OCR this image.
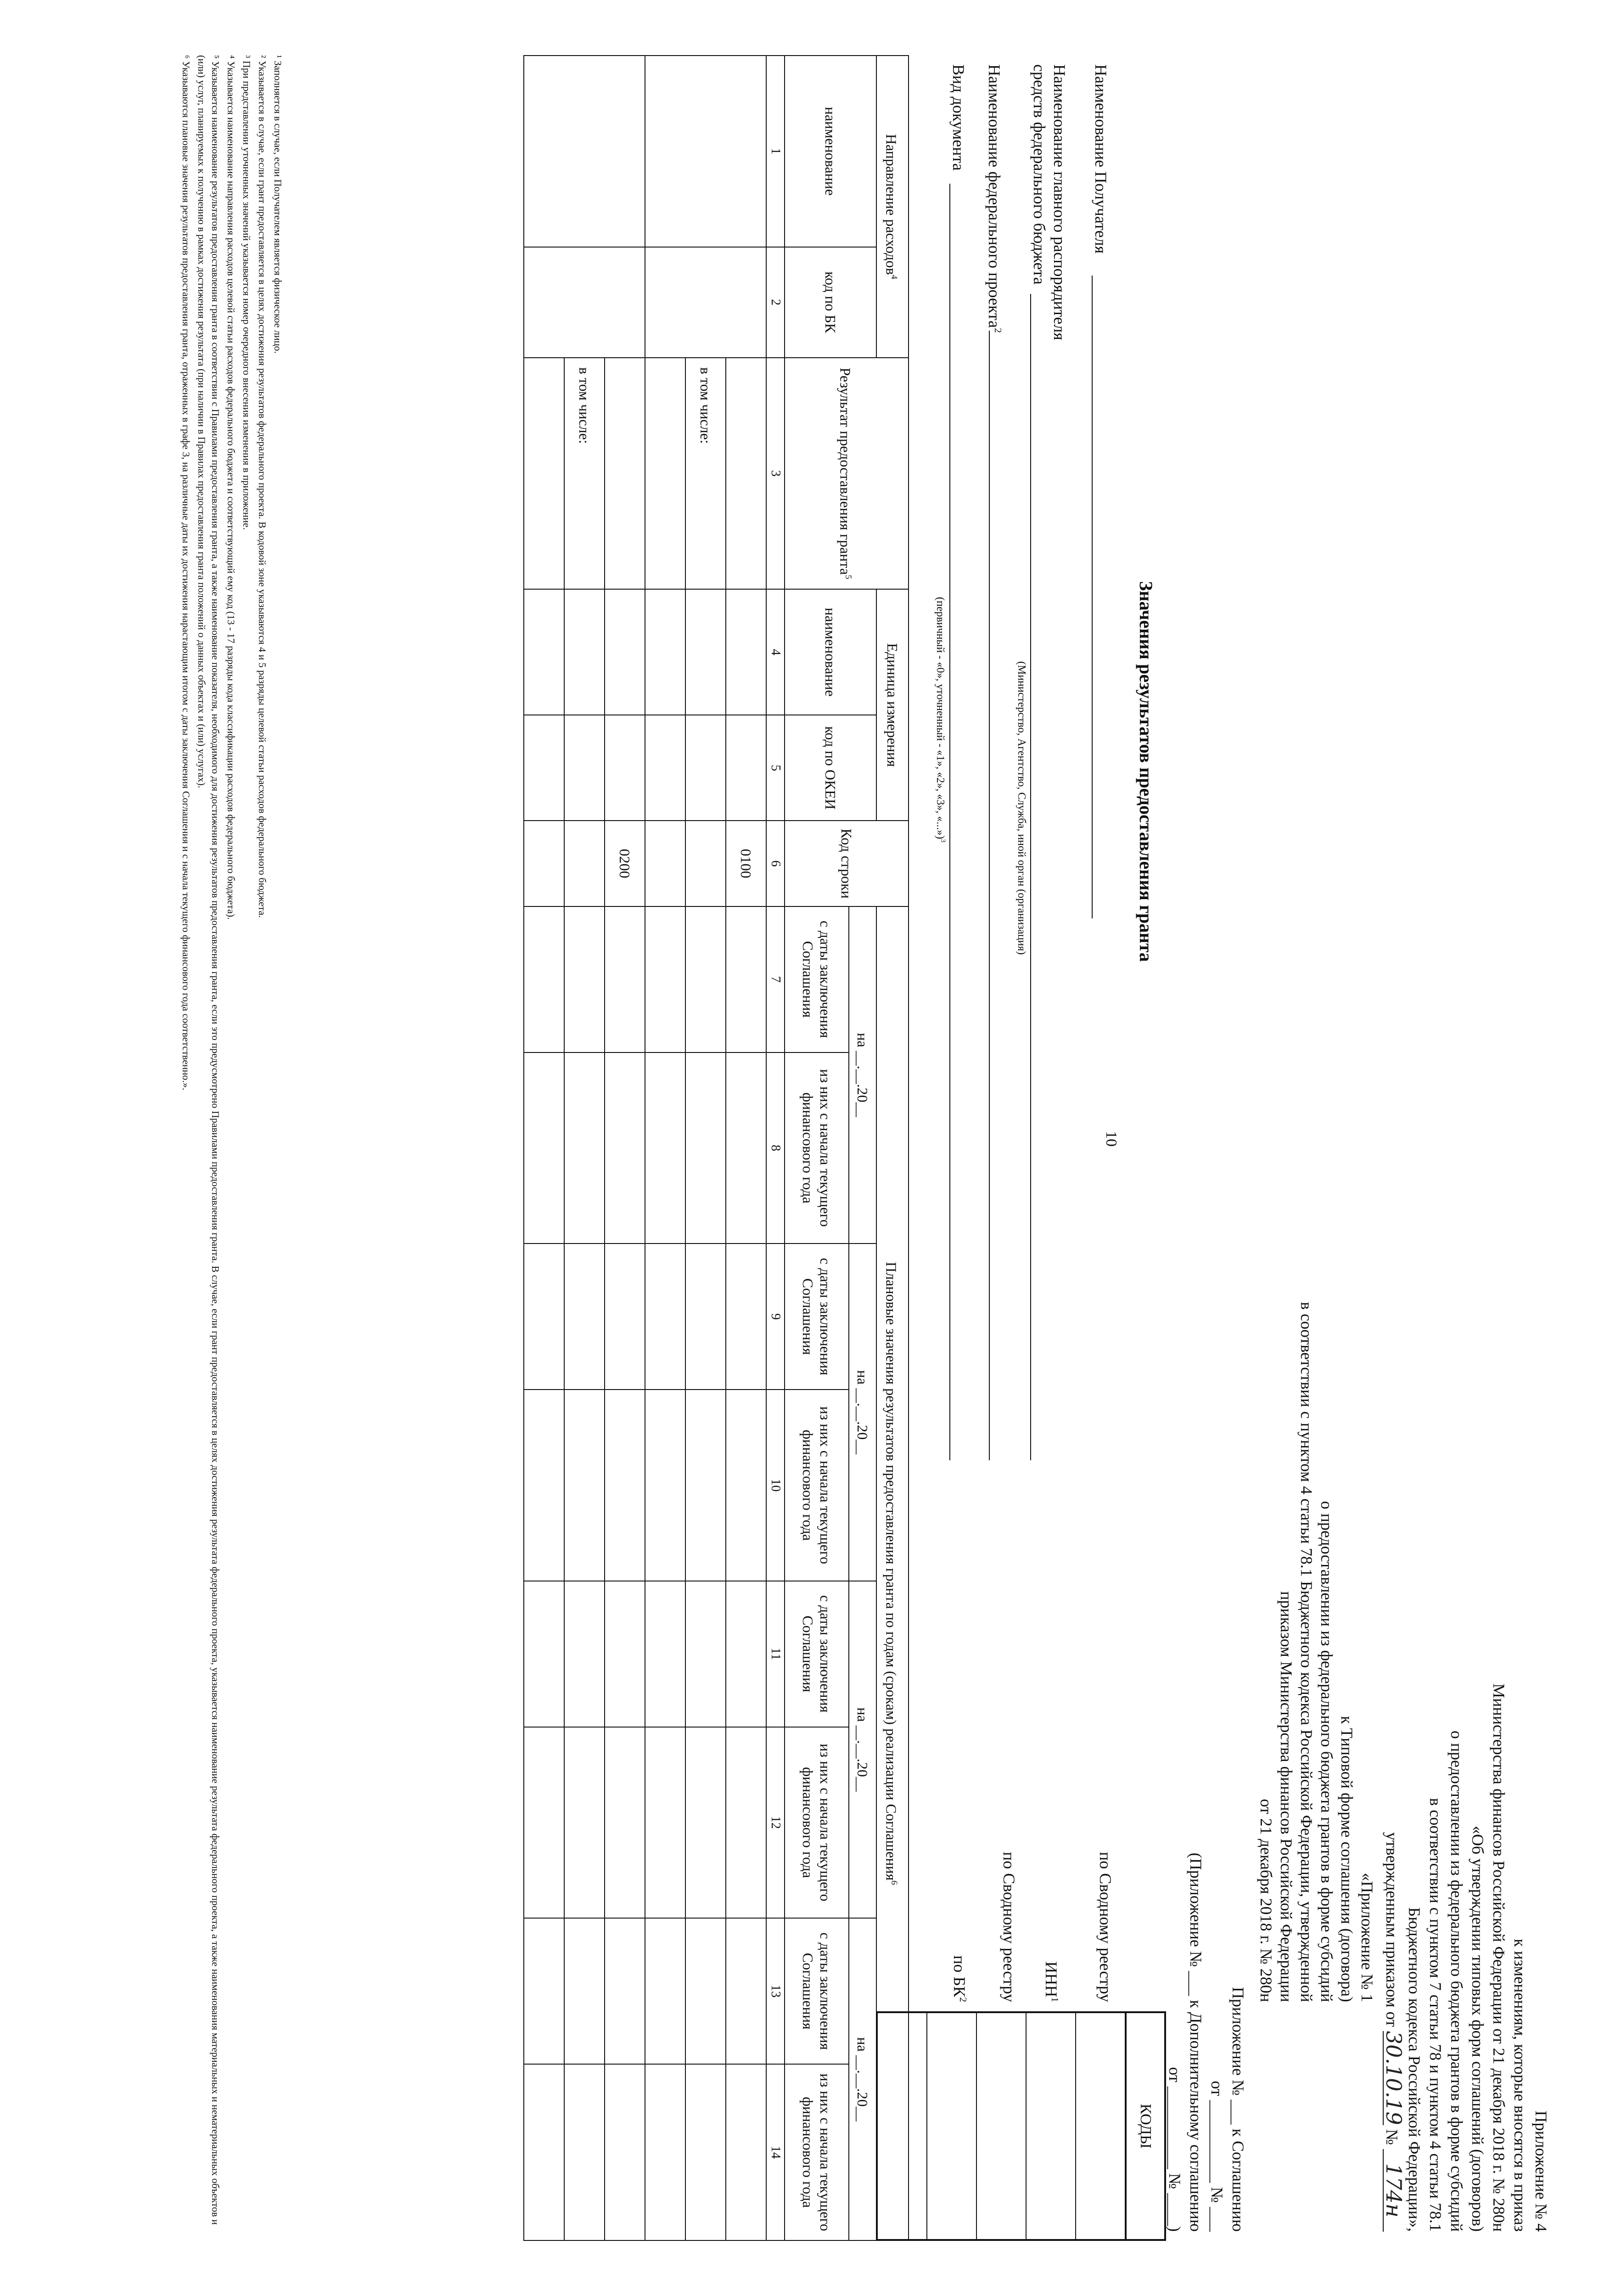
10
Приложение № 4
к изменениям, которые вносятся в приказ
Министерства финансов Российской Федерации от 21 декабря 2018 г. № 280н
«Об утверждении типовых форм соглашений (договоров)
о предоставлении из федерального бюджета грантов в форме субсидий
в соответствии с пунктом 7 статьи 78 и пунктом 4 статьи 78.1
Бюджетного кодекса Российской Федерации»,
утвержденным приказом от 30.10.19 № 174н
«Приложение № 1
к Типовой форме соглашения (договора)
о предоставлении из федерального бюджета грантов в форме субсидий
в соответствии с пунктом 4 статьи 78.1 Бюджетного кодекса Российской Федерации, утвержденной
приказом Министерства финансов Российской Федерации
от 21 декабря 2018 г. № 280н
Приложение № ___ к Соглашению
от __________ № ___
(Приложение № ___ к Дополнительному соглашению
от __________ № ____)
КОДЫ

по Сводному реестру
ИНН$^1$
по Сводному реестру
по $БК^2$
Значения результатов предоставления гранта
Наименование Получателя
Наименование главного распорядителя
средств федерального бюджета
(Министерство, Агентство, Служба, иной орган (организация)
Наименование федерального проекта$^2$
Вид документа
(первичный - «0», уточненный - «1», «2», «3», «...»)$^3$
Направление расходов$^4$		Результат предоставления гранта$^5$	Единица измерения		Код строки	Плановые значения результатов предоставления гранта по годам (срокам) реализации Соглашения$^6$
наименование	код по БК		наименование	код по ОКЕИ		на __.__.20__		на __.__.20__		на __.__.20__		на __.__.20__	
						с даты заключения Соглашения	из них с начала текущего финансового года	с даты заключения Соглашения	из них с начала текущего финансового года	с даты заключения Соглашения	из них с начала текущего финансового года	с даты заключения Соглашения	из них с начала текущего финансового года
1	2	3	4	5	6	7	8	9	10	11	12	13	14
					0100								
		в том числе:											

					0200								
		в том числе:											

¹ Заполняется в случае, если Получателем является физическое лицо.

² Указывается в случае, если грант предоставляется в целях достижения результатов федерального проекта. В кодовой зоне указываются 4 и 5 разряды целевой статьи расходов федерального бюджета.

³ При представлении уточненных значений указывается номер очередного внесения изменения в приложение.

⁴ Указывается наименование направления расходов целевой статьи расходов федерального бюджета и соответствующий ему код (13 - 17 разряды кода классификации расходов федерального бюджета).

⁵ Указывается наименование результатов предоставления гранта в соответствии с Правилами предоставления гранта, а также наименование показателя, необходимого для достижения результатов предоставления гранта, если это предусмотрено Правилами предоставления гранта. В случае, если грант предоставляется в целях достижения результата федерального проекта, указывается наименование результата федерального проекта, а также наименования материальных и нематериальных объектов и (или) услуг, планируемых к получению в рамках достижения результата (при наличии в Правилах предоставления гранта положений о данных объектах и (или) услугах).

⁶ Указываются плановые значения результатов предоставления гранта, отраженных в графе 3, на различные даты их достижения нарастающим итогом с даты заключения Соглашения и с начала текущего финансового года соответственно.».
